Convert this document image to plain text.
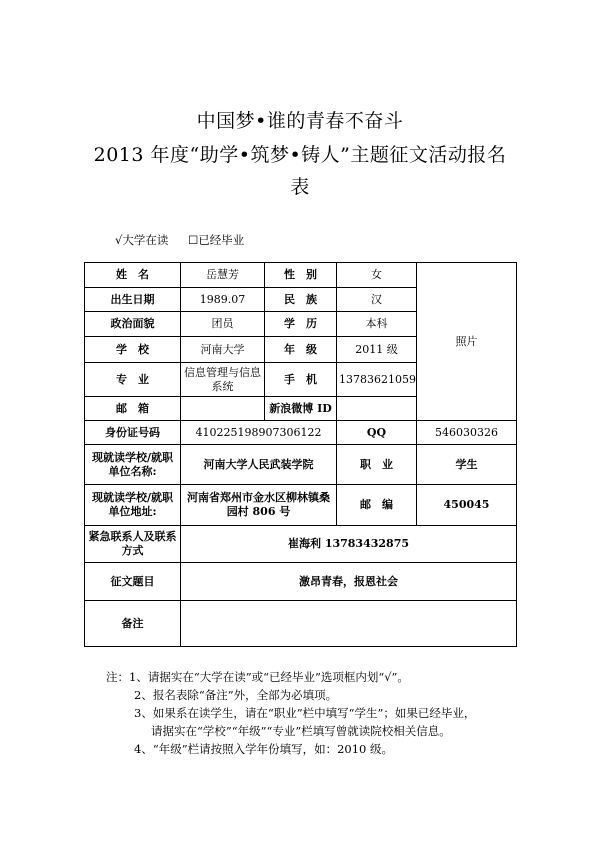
中国梦•谁的青春不奋斗
2013 年度“助学•筑梦•铸人”主题征文活动报名
表
√大学在读 ☐已经毕业
姓　名	岳慧芳	性　别	女	照片
出生日期	1989.07	民　族	汉	
政治面貌	团员	学　历	本科	
学　校	河南大学	年　级	2011 级	
专　业	信息管理与信息系统	手　机	13783621059	
邮　箱		新浪微博 ID		
身份证号码	410225198907306122		QQ	546030326
现就读学校/就职单位名称:	河南大学人民武装学院		职　业	学生
现就读学校/就职单位地址:	河南省郑州市金水区柳林镇桑园村 806 号		邮　编	450045
紧急联系人及联系方式	崔海利 13783432875			
征文题目	激昂青春，报恩社会			
备注				
注：1、请据实在“大学在读”或“已经毕业”选项框内划“√”。
2、报名表除“备注”外，全部为必填项。
3、如果系在读学生，请在“职业”栏中填写“学生”；如果已经毕业，
请据实在“学校”“年级”“专业”栏填写曾就读院校相关信息。
4、“年级”栏请按照入学年份填写，如：2010 级。
